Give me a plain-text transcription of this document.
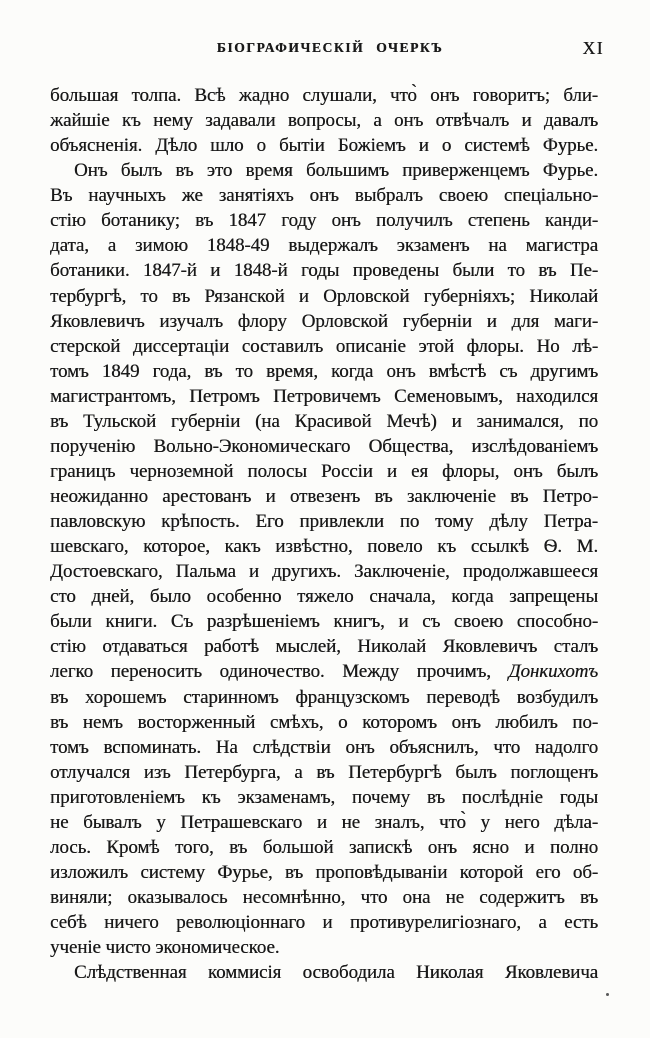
БІОГРАФИЧЕСКІЙ ОЧЕРКЪ	XI
большая толпа. Всѣ жадно слушали, что̀ онъ говоритъ; бли-
жайшіе къ нему задавали вопросы, а онъ отвѣчалъ и давалъ
объясненія. Дѣло шло о бытіи Божіемъ и о системѣ Фурье.
Онъ былъ въ это время большимъ приверженцемъ Фурье.
Въ научныхъ же занятіяхъ онъ выбралъ своею спеціально-
стію ботанику; въ 1847 году онъ получилъ степень канди-
дата, а зимою 1848-49 выдержалъ экзаменъ на магистра
ботаники. 1847-й и 1848-й годы проведены были то въ Пе-
тербургѣ, то въ Рязанской и Орловской губерніяхъ; Николай
Яковлевичъ изучалъ флору Орловской губерніи и для маги-
стерской диссертаціи составилъ описаніе этой флоры. Но лѣ-
томъ 1849 года, въ то время, когда онъ вмѣстѣ съ другимъ
магистрантомъ, Петромъ Петровичемъ Семеновымъ, находился
въ Тульской губерніи (на Красивой Мечѣ) и занимался, по
порученію Вольно-Экономическаго Общества, изслѣдованіемъ
границъ черноземной полосы Россіи и ея флоры, онъ былъ
неожиданно арестованъ и отвезенъ въ заключеніе въ Петро-
павловскую крѣпость. Его привлекли по тому дѣлу Петра-
шевскаго, которое, какъ извѣстно, повело къ ссылкѣ Ѳ. М.
Достоевскаго, Пальма и другихъ. Заключеніе, продолжавшееся
сто дней, было особенно тяжело сначала, когда запрещены
были книги. Съ разрѣшеніемъ книгъ, и съ своею способно-
стію отдаваться работѣ мыслей, Николай Яковлевичъ сталъ
легко переносить одиночество. Между прочимъ, Донкихотъ
въ хорошемъ старинномъ французскомъ переводѣ возбудилъ
въ немъ восторженный смѣхъ, о которомъ онъ любилъ по-
томъ вспоминать. На слѣдствіи онъ объяснилъ, что надолго
отлучался изъ Петербурга, а въ Петербургѣ былъ поглощенъ
приготовленіемъ къ экзаменамъ, почему въ послѣдніе годы
не бывалъ у Петрашевскаго и не зналъ, что̀ у него дѣла-
лось. Кромѣ того, въ большой запискѣ онъ ясно и полно
изложилъ систему Фурье, въ проповѣдываніи которой его об-
виняли; оказывалось несомнѣнно, что она не содержитъ въ
себѣ ничего революціоннаго и противурелигіознаго, а есть
ученіе чисто экономическое.
Слѣдственная коммисія освободила Николая Яковлевича
